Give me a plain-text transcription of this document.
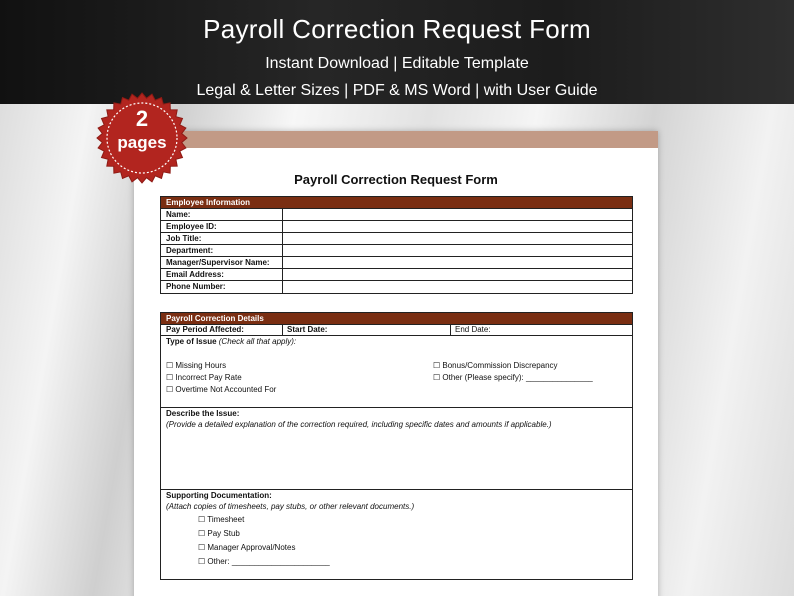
Payroll Correction Request Form
Instant Download | Editable Template
Legal & Letter Sizes | PDF & MS Word | with User Guide
Payroll Correction Request Form
Employee Information
Name:
Employee ID:
Job Title:
Department:
Manager/Supervisor Name:
Email Address:
Phone Number:
Payroll Correction Details
Pay Period Affected:	Start Date:	End Date:
Type of Issue (Check all that apply):
☐ Missing Hours
☐ Incorrect Pay Rate
☐ Overtime Not Accounted For
☐ Bonus/Commission Discrepancy
☐ Other (Please specify): _______________
Describe the Issue:
(Provide a detailed explanation of the correction required, including specific dates and amounts if applicable.)
Supporting Documentation:
(Attach copies of timesheets, pay stubs, or other relevant documents.)
☐ Timesheet
☐ Pay Stub
☐ Manager Approval/Notes
☐ Other: ______________________
2
pages
